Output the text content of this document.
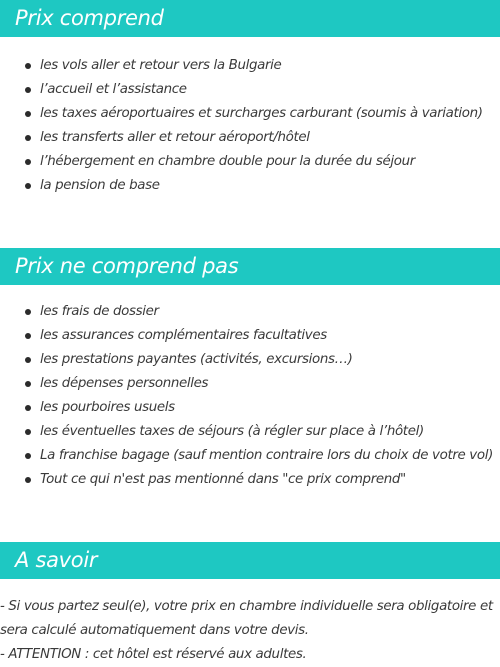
Prix comprend
les vols aller et retour vers la Bulgarie
l’accueil et l’assistance
les taxes aéroportuaires et surcharges carburant (soumis à variation)
les transferts aller et retour aéroport/hôtel
l’hébergement en chambre double pour la durée du séjour
la pension de base
Prix ne comprend pas
les frais de dossier
les assurances complémentaires facultatives
les prestations payantes (activités, excursions…)
les dépenses personnelles
les pourboires usuels
les éventuelles taxes de séjours (à régler sur place à l’hôtel)
La franchise bagage (sauf mention contraire lors du choix de votre vol)
Tout ce qui n'est pas mentionné dans "ce prix comprend"
A savoir
- Si vous partez seul(e), votre prix en chambre individuelle sera obligatoire et
sera calculé automatiquement dans votre devis.
- ATTENTION : cet hôtel est réservé aux adultes.
